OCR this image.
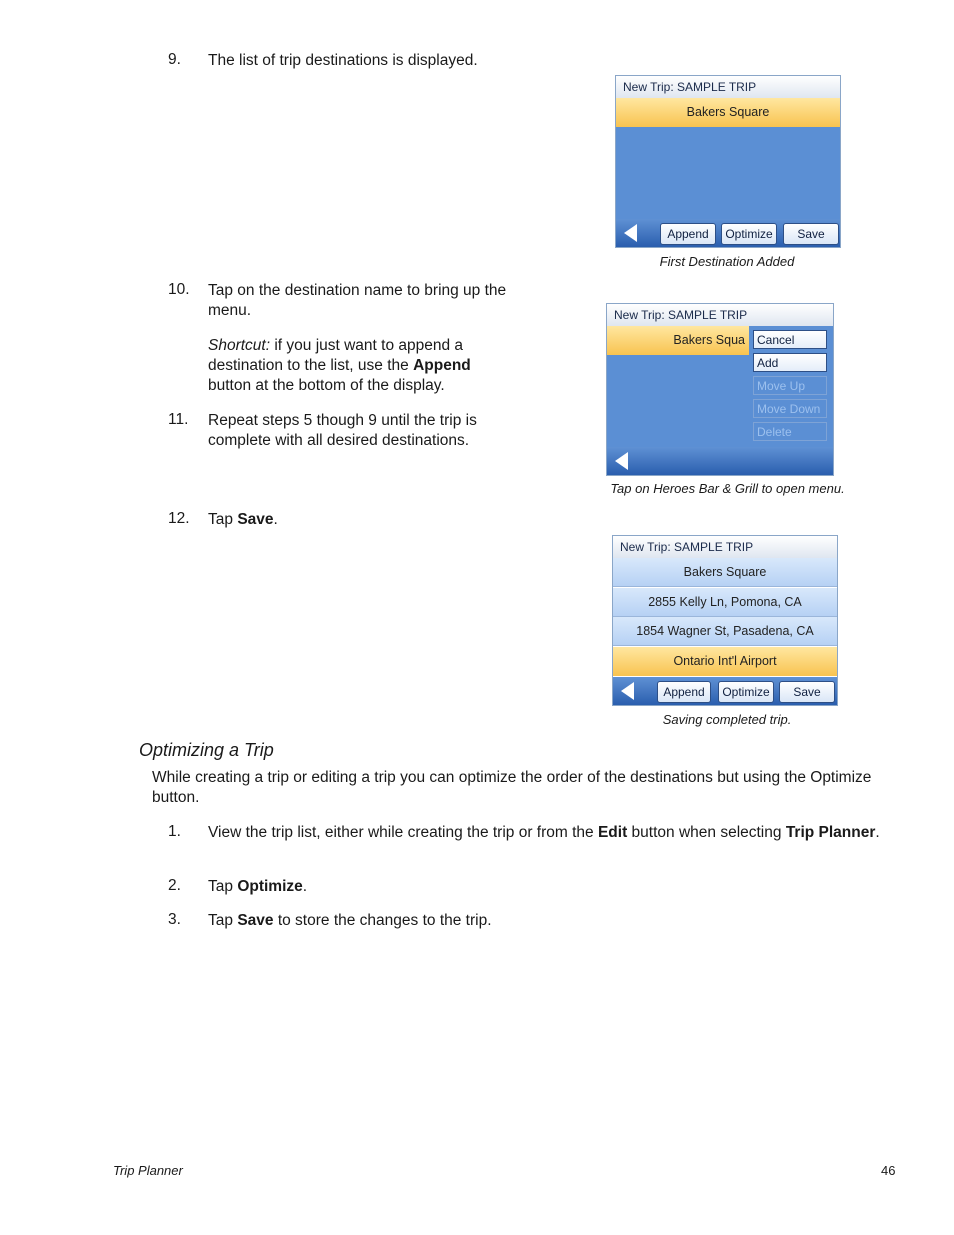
9. The list of trip destinations is displayed.
New Trip: SAMPLE TRIP
Bakers Square
Append	Optimize	Save
First Destination Added
10. Tap on the destination name to bring up the menu.
Shortcut: if you just want to append a destination to the list, use the Append button at the bottom of the display.
11. Repeat steps 5 though 9 until the trip is complete with all desired destinations.
New Trip: SAMPLE TRIP
Bakers Squa	Cancel
Add
Move Up
Move Down
Delete
Tap on Heroes Bar & Grill to open menu.
12. Tap Save.
New Trip: SAMPLE TRIP
Bakers Square
2855 Kelly Ln, Pomona, CA
1854 Wagner St, Pasadena, CA
Ontario Int'l Airport
Append	Optimize	Save
Saving completed trip.
Optimizing a Trip
While creating a trip or editing a trip you can optimize the order of the destinations but using the Optimize button.
1. View the trip list, either while creating the trip or from the Edit button when selecting Trip Planner.
2. Tap Optimize.
3. Tap Save to store the changes to the trip.
Trip Planner	46
